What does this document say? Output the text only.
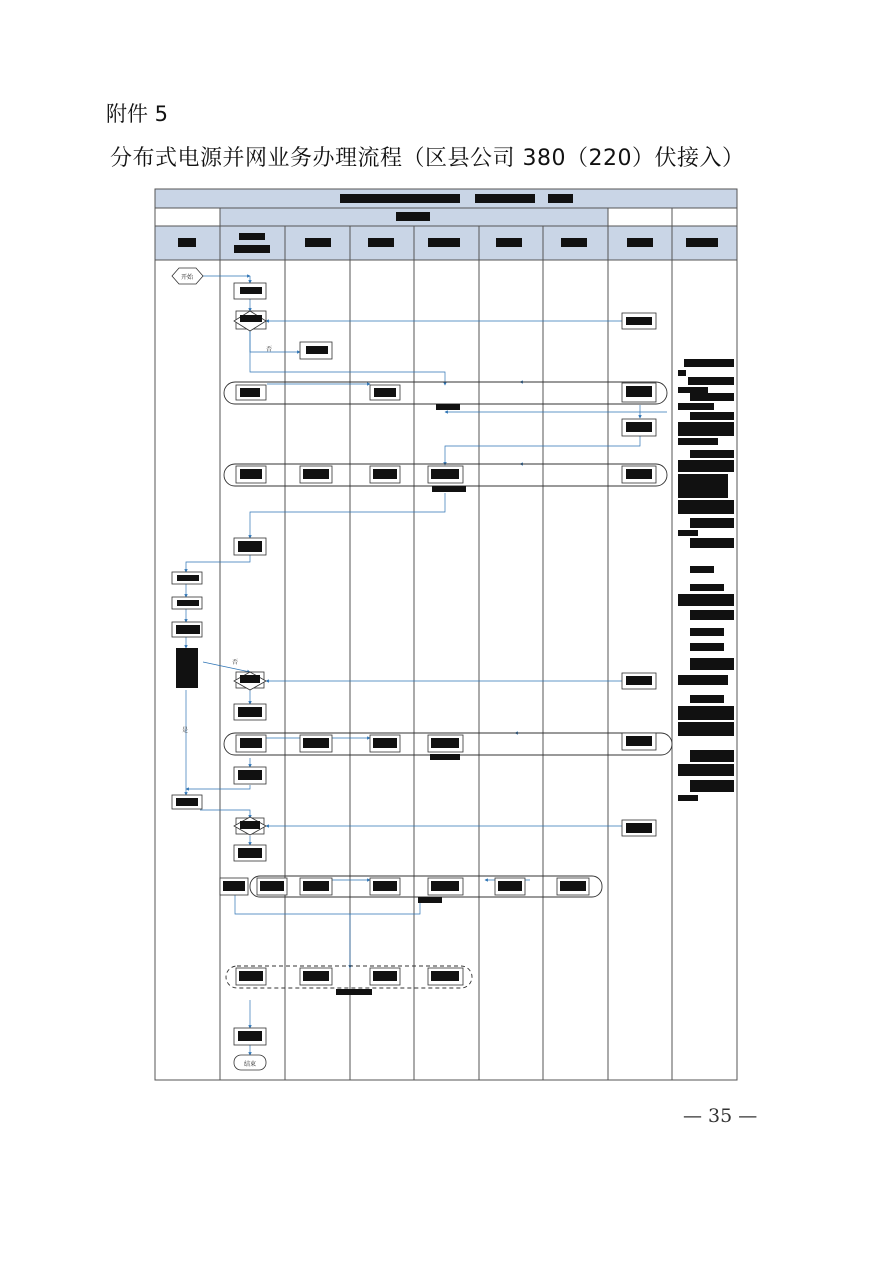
附件 5
分布式电源并网业务办理流程（区县公司 380（220）伏接入）
开始
结束
否
否
是
— 35 —
